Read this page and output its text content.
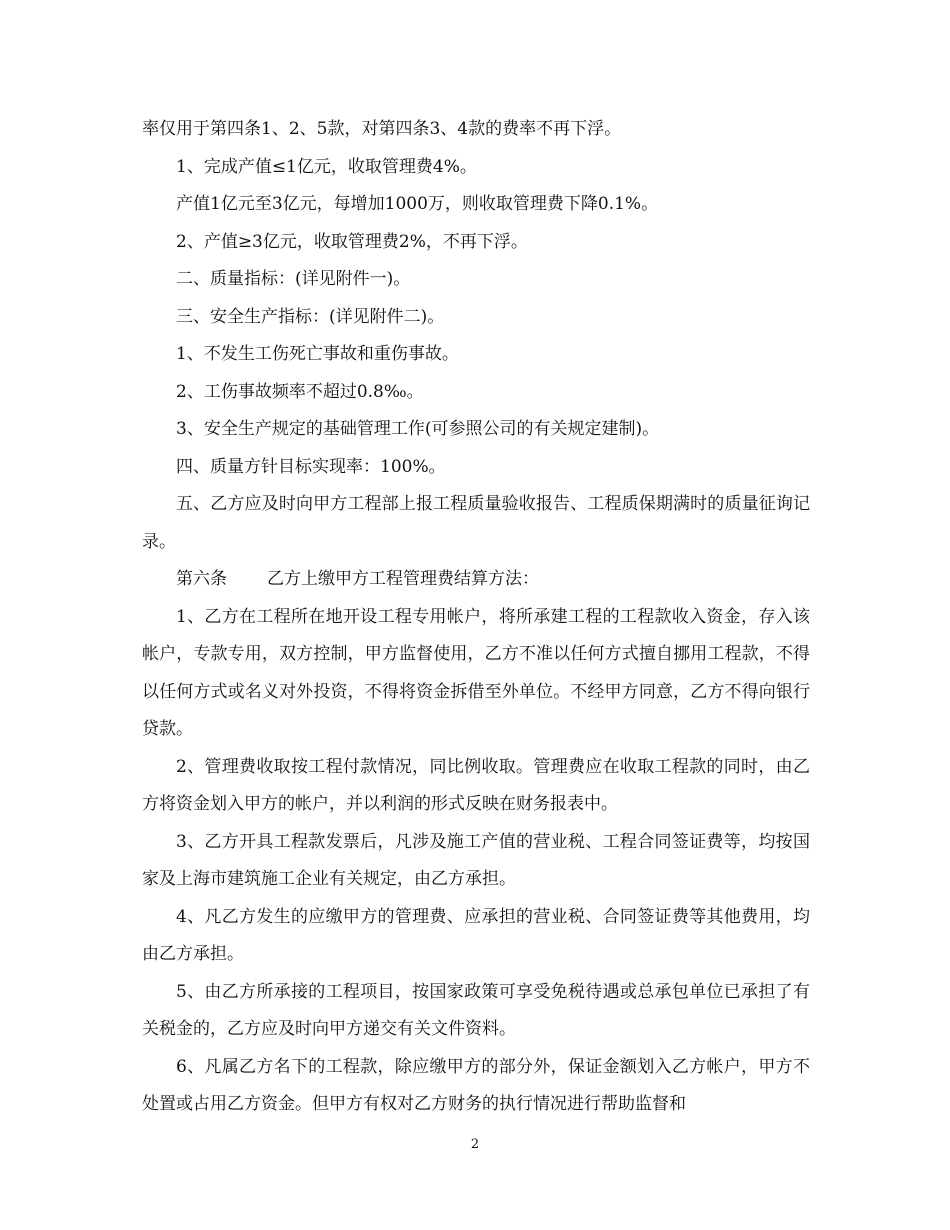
率仅用于第四条1、2、5款，对第四条3、4款的费率不再下浮。

1、完成产值≤1亿元，收取管理费4%。

产值1亿元至3亿元，每增加1000万，则收取管理费下降0.1%。

2、产值≥3亿元，收取管理费2%，不再下浮。

二、质量指标：(详见附件一)。

三、安全生产指标：(详见附件二)。

1、不发生工伤死亡事故和重伤事故。

2、工伤事故频率不超过0.8‰。

3、安全生产规定的基础管理工作(可参照公司的有关规定建制)。

四、质量方针目标实现率：100%。

五、乙方应及时向甲方工程部上报工程质量验收报告、工程质保期满时的质量征询记录。

第六条 乙方上缴甲方工程管理费结算方法：

1、乙方在工程所在地开设工程专用帐户，将所承建工程的工程款收入资金，存入该帐户，专款专用，双方控制，甲方监督使用，乙方不准以任何方式擅自挪用工程款，不得以任何方式或名义对外投资，不得将资金拆借至外单位。不经甲方同意，乙方不得向银行贷款。

2、管理费收取按工程付款情况，同比例收取。管理费应在收取工程款的同时，由乙方将资金划入甲方的帐户，并以利润的形式反映在财务报表中。

3、乙方开具工程款发票后，凡涉及施工产值的营业税、工程合同签证费等，均按国家及上海市建筑施工企业有关规定，由乙方承担。

4、凡乙方发生的应缴甲方的管理费、应承担的营业税、合同签证费等其他费用，均由乙方承担。

5、由乙方所承接的工程项目，按国家政策可享受免税待遇或总承包单位已承担了有关税金的，乙方应及时向甲方递交有关文件资料。

6、凡属乙方名下的工程款，除应缴甲方的部分外，保证金额划入乙方帐户，甲方不处置或占用乙方资金。但甲方有权对乙方财务的执行情况进行帮助监督和

2
